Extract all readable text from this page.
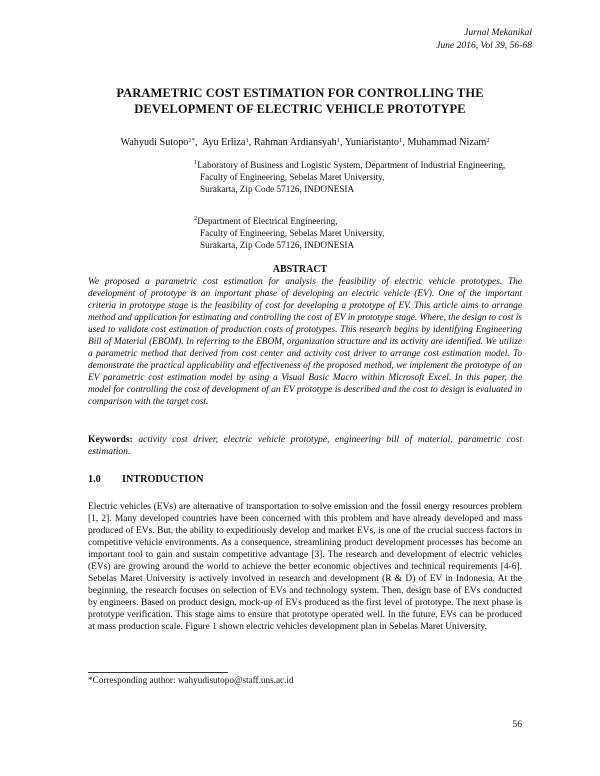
Jurnal Mekanikal
June 2016, Vol 39, 56-68
PARAMETRIC COST ESTIMATION FOR CONTROLLING THE
DEVELOPMENT OF ELECTRIC VEHICLE PROTOTYPE
Wahyudi Sutopo$^{1*}$,  Ayu Erliza$^1$, Rahman Ardiansyah$^1$, Yuniaristanto$^1$, Muhammad Nizam$^2$
$^1$Laboratory of Business and Logistic System, Department of Industrial Engineering,
Faculty of Engineering, Sebelas Maret University,
Surakarta, Zip Code 57126, INDONESIA
$^2$Department of Electrical Engineering,
Faculty of Engineering, Sebelas Maret University,
Surakarta, Zip Code 57126, INDONESIA
ABSTRACT
We proposed a parametric cost estimation for analysis the feasibility of electric vehicle prototypes. The development of prototype is an important phase of developing an electric vehicle (EV). One of the important criteria in prototype stage is the feasibility of cost for developing a prototype of EV. This article aims to arrange method and application for estimating and controlling the cost of EV in prototype stage. Where, the design to cost is used to validate cost estimation of production costs of prototypes. This research begins by identifying Engineering Bill of Material (EBOM). In referring to the EBOM, organization structure and its activity are identified. We utilize a parametric method that derived from cost center and activity cost driver to arrange cost estimation model. To demonstrate the practical applicability and effectiveness of the proposed method, we implement the prototype of an EV parametric cost estimation model by using a Visual Basic Macro within Microsoft Excel. In this paper, the model for controlling the cost of development of an EV prototype is described and the cost to design is evaluated in comparison with the target cost.
Keywords: activity cost driver, electric vehicle prototype, engineering bill of material, parametric cost estimation.
1.0 INTRODUCTION
Electric vehicles (EVs) are alternative of transportation to solve emission and the fossil energy resources problem [1, 2]. Many developed countries have been concerned with this problem and have already developed and mass produced of EVs. But, the ability to expeditiously develop and market EVs, is one of the crucial success factors in competitive vehicle environments. As a consequence, streamlining product development processes has become an important tool to gain and sustain competitive advantage [3]. The research and development of electric vehicles (EVs) are growing around the world to achieve the better economic objectives and technical requirements [4-6]. Sebelas Maret University is actively involved in research and development (R & D) of EV in Indonesia. At the beginning, the research focuses on selection of EVs and technology system. Then, design base of EVs conducted by engineers. Based on product design, mock-up of EVs produced as the first level of prototype. The next phase is prototype verification. This stage aims to ensure that prototype operated well. In the future, EVs can be produced at mass production scale. Figure 1 shown electric vehicles development plan in Sebelas Maret University.
*Corresponding author: wahyudisutopo@staff.uns.ac.id
56
